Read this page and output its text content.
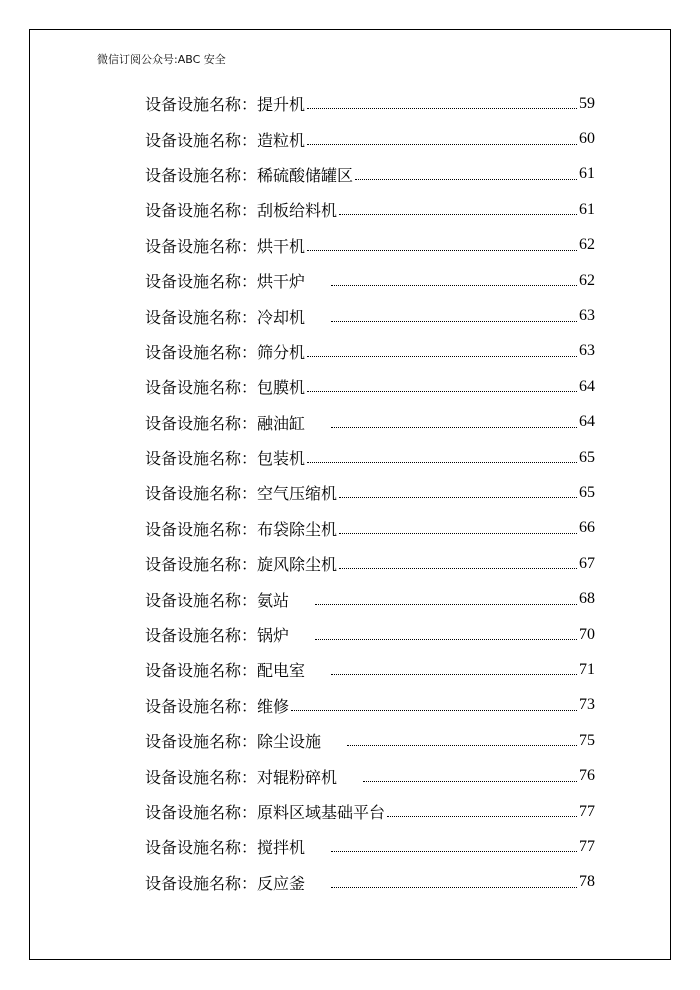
微信订阅公众号:ABC 安全
设备设施名称： 提升机	59
设备设施名称： 造粒机	60
设备设施名称： 稀硫酸储罐区	61
设备设施名称： 刮板给料机	61
设备设施名称： 烘干机	62
设备设施名称： 烘干炉	62
设备设施名称： 冷却机	63
设备设施名称： 筛分机	63
设备设施名称： 包膜机	64
设备设施名称： 融油缸	64
设备设施名称： 包装机	65
设备设施名称： 空气压缩机	65
设备设施名称： 布袋除尘机	66
设备设施名称： 旋风除尘机	67
设备设施名称： 氨站	68
设备设施名称： 锅炉	70
设备设施名称： 配电室	71
设备设施名称： 维修	73
设备设施名称： 除尘设施	75
设备设施名称： 对辊粉碎机	76
设备设施名称： 原料区域基础平台	77
设备设施名称： 搅拌机	77
设备设施名称： 反应釜	78
